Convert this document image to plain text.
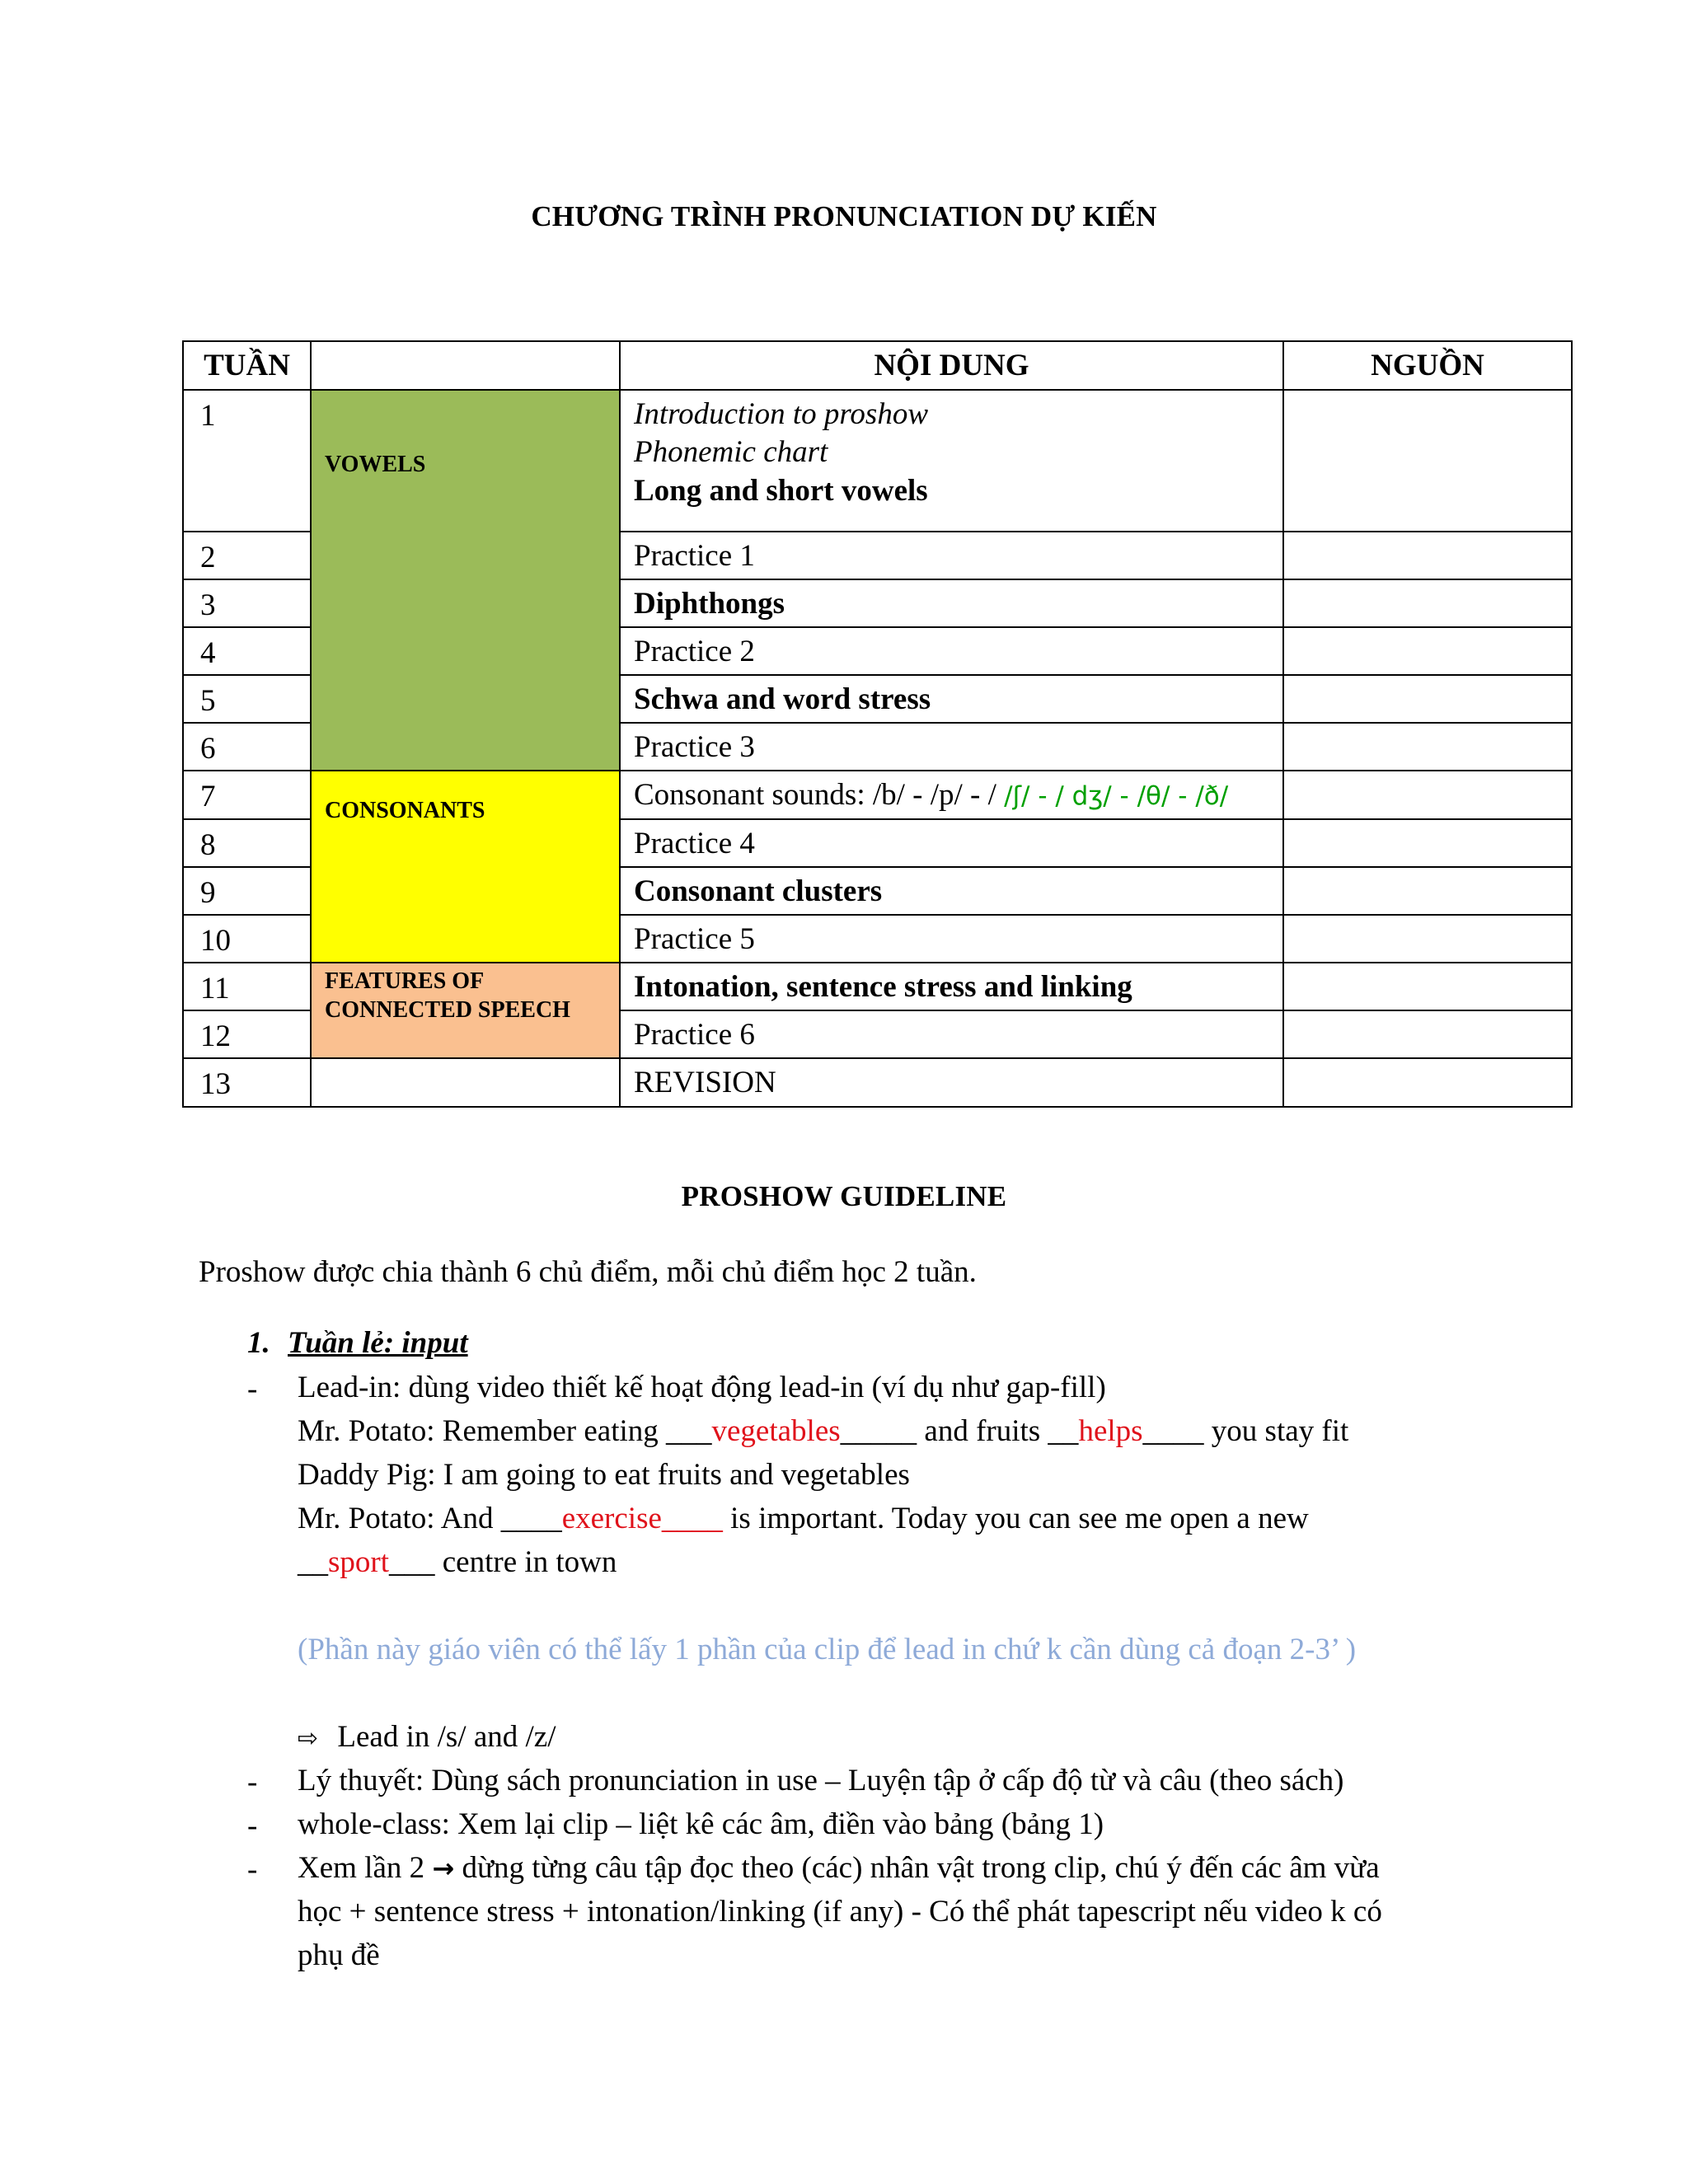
CHƯƠNG TRÌNH PRONUNCIATION DỰ KIẾN
TUẦN		NỘI DUNG	NGUỒN
1	VOWELS	Introduction to proshow
Phonemic chart
Long and short vowels	

2		Practice 1	
3		Diphthongs	
4		Practice 2	
5		Schwa and word stress	
6		Practice 3	
7	CONSONANTS	Consonant sounds: /b/ - /p/ - / /ʃ/ - / dʒ/ - /θ/ - /ð/	
8		Practice 4	
9		Consonant clusters	
10		Practice 5	
11	FEATURES OF CONNECTED SPEECH	Intonation, sentence stress and linking	
12		Practice 6	
13		REVISION	
PROSHOW GUIDELINE
Proshow được chia thành 6 chủ điểm, mỗi chủ điểm học 2 tuần.
1. Tuần lẻ: input
- Lead-in: dùng video thiết kế hoạt động lead-in (ví dụ như gap-fill)
Mr. Potato: Remember eating ___vegetables_____ and fruits __helps____ you stay fit
Daddy Pig: I am going to eat fruits and vegetables
Mr. Potato: And ____exercise____ is important. Today you can see me open a new
__sport___ centre in town
(Phần này giáo viên có thể lấy 1 phần của clip để lead in chứ k cần dùng cả đoạn 2-3’ )
⇨ Lead in /s/ and /z/
- Lý thuyết: Dùng sách pronunciation in use – Luyện tập ở cấp độ từ và câu (theo sách)
- whole-class: Xem lại clip – liệt kê các âm, điền vào bảng (bảng 1)
- Xem lần 2 → dừng từng câu tập đọc theo (các) nhân vật trong clip, chú ý đến các âm vừa
học + sentence stress + intonation/linking (if any) - Có thể phát tapescript nếu video k có
phụ đề
